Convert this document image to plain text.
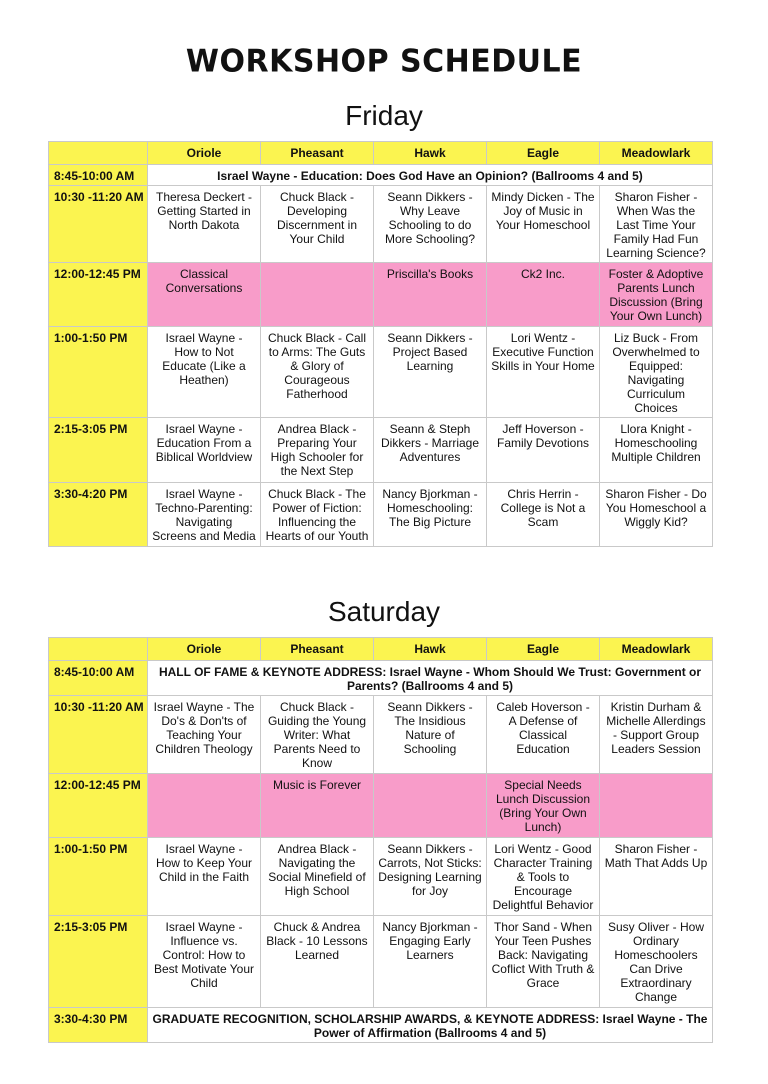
WORKSHOP SCHEDULE
Friday
	Oriole	Pheasant	Hawk	Eagle	Meadowlark
8:45-10:00 AM	Israel Wayne - Education: Does God Have an Opinion? (Ballrooms 4 and 5)				
10:30 -11:20 AM	Theresa Deckert - Getting Started in North Dakota	Chuck Black - Developing Discernment in Your Child	Seann Dikkers - Why Leave Schooling to do More Schooling?	Mindy Dicken - The Joy of Music in Your Homeschool	Sharon Fisher - When Was the Last Time Your Family Had Fun Learning Science?
12:00-12:45 PM	Classical Conversations		Priscilla's Books	Ck2 Inc.	Foster & Adoptive Parents Lunch Discussion (Bring Your Own Lunch)
1:00-1:50 PM	Israel Wayne - How to Not Educate (Like a Heathen)	Chuck Black - Call to Arms: The Guts & Glory of Courageous Fatherhood	Seann Dikkers - Project Based Learning	Lori Wentz - Executive Function Skills in Your Home	Liz Buck - From Overwhelmed to Equipped: Navigating Curriculum Choices
2:15-3:05 PM	Israel Wayne - Education From a Biblical Worldview	Andrea Black - Preparing Your High Schooler for the Next Step	Seann & Steph Dikkers - Marriage Adventures	Jeff Hoverson - Family Devotions	Llora Knight - Homeschooling Multiple Children
3:30-4:20 PM	Israel Wayne - Techno-Parenting: Navigating Screens and Media	Chuck Black - The Power of Fiction: Influencing the Hearts of our Youth	Nancy Bjorkman - Homeschooling: The Big Picture	Chris Herrin - College is Not a Scam	Sharon Fisher - Do You Homeschool a Wiggly Kid?
Saturday
	Oriole	Pheasant	Hawk	Eagle	Meadowlark
8:45-10:00 AM	HALL OF FAME & KEYNOTE ADDRESS: Israel Wayne - Whom Should We Trust: Government or Parents? (Ballrooms 4 and 5)				
10:30 -11:20 AM	Israel Wayne - The Do's & Don'ts of Teaching Your Children Theology	Chuck Black - Guiding the Young Writer: What Parents Need to Know	Seann Dikkers - The Insidious Nature of Schooling	Caleb Hoverson - A Defense of Classical Education	Kristin Durham & Michelle Allerdings - Support Group Leaders Session
12:00-12:45 PM		Music is Forever		Special Needs Lunch Discussion (Bring Your Own Lunch)	
1:00-1:50 PM	Israel Wayne - How to Keep Your Child in the Faith	Andrea Black - Navigating the Social Minefield of High School	Seann Dikkers - Carrots, Not Sticks: Designing Learning for Joy	Lori Wentz - Good Character Training & Tools to Encourage Delightful Behavior	Sharon Fisher - Math That Adds Up
2:15-3:05 PM	Israel Wayne - Influence vs. Control: How to Best Motivate Your Child	Chuck & Andrea Black - 10 Lessons Learned	Nancy Bjorkman - Engaging Early Learners	Thor Sand - When Your Teen Pushes Back: Navigating Coflict With Truth & Grace	Susy Oliver - How Ordinary Homeschoolers Can Drive Extraordinary Change
3:30-4:30 PM	GRADUATE RECOGNITION, SCHOLARSHIP AWARDS, & KEYNOTE ADDRESS: Israel Wayne - The Power of Affirmation (Ballrooms 4 and 5)				
